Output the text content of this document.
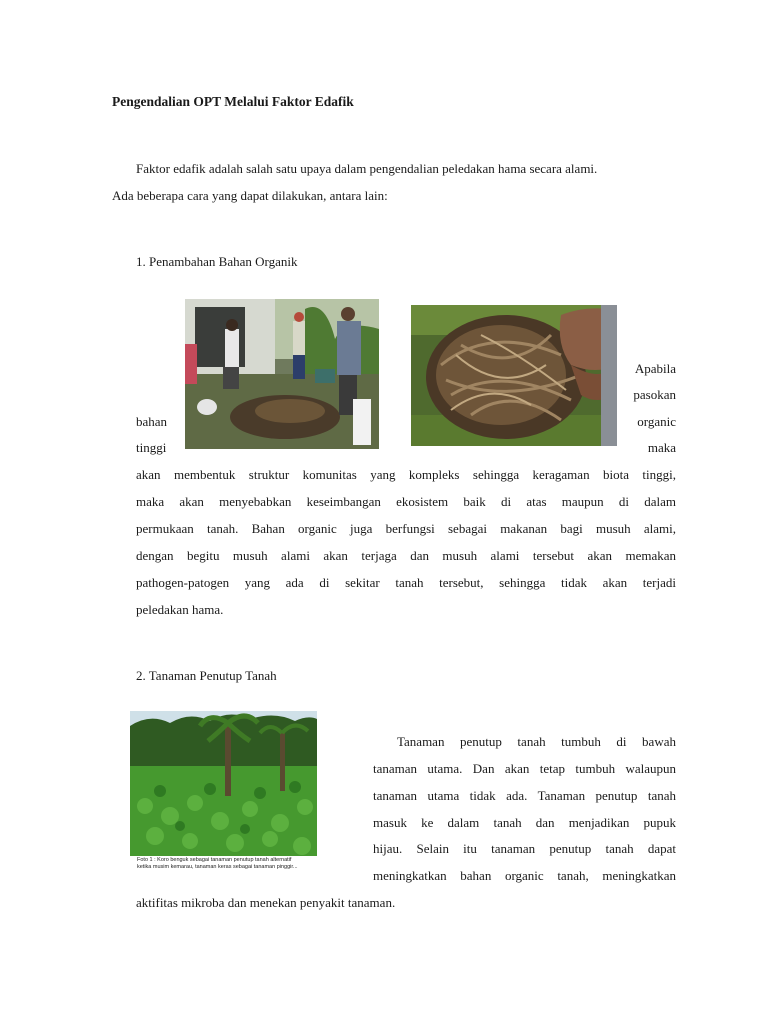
Pengendalian OPT Melalui Faktor Edafik
Faktor edafik adalah salah satu upaya dalam pengendalian peledakan hama secara alami.
Ada beberapa cara yang dapat dilakukan, antara lain:
1. Penambahan Bahan Organik
Apabila
pasokan
bahan	organic
tinggi	maka
akan membentuk struktur komunitas yang kompleks sehingga keragaman biota tinggi,
maka akan menyebabkan keseimbangan ekosistem baik di atas maupun di dalam
permukaan tanah. Bahan organic juga berfungsi sebagai makanan bagi musuh alami,
dengan begitu musuh alami akan terjaga dan musuh alami tersebut akan memakan
pathogen-patogen yang ada di sekitar tanah tersebut, sehingga tidak akan terjadi
peledakan hama.
2. Tanaman Penutup Tanah
Foto 1 : Koro benguk sebagai tanaman penutup tanah alternatif
ketika musim kemarau, tanaman keras sebagai tanaman pinggir...
Tanaman penutup tanah tumbuh di bawah
tanaman utama. Dan akan tetap tumbuh walaupun
tanaman utama tidak ada. Tanaman penutup tanah
masuk ke dalam tanah dan menjadikan pupuk
hijau. Selain itu tanaman penutup tanah dapat
meningkatkan bahan organic tanah, meningkatkan
aktifitas mikroba dan menekan penyakit tanaman.
